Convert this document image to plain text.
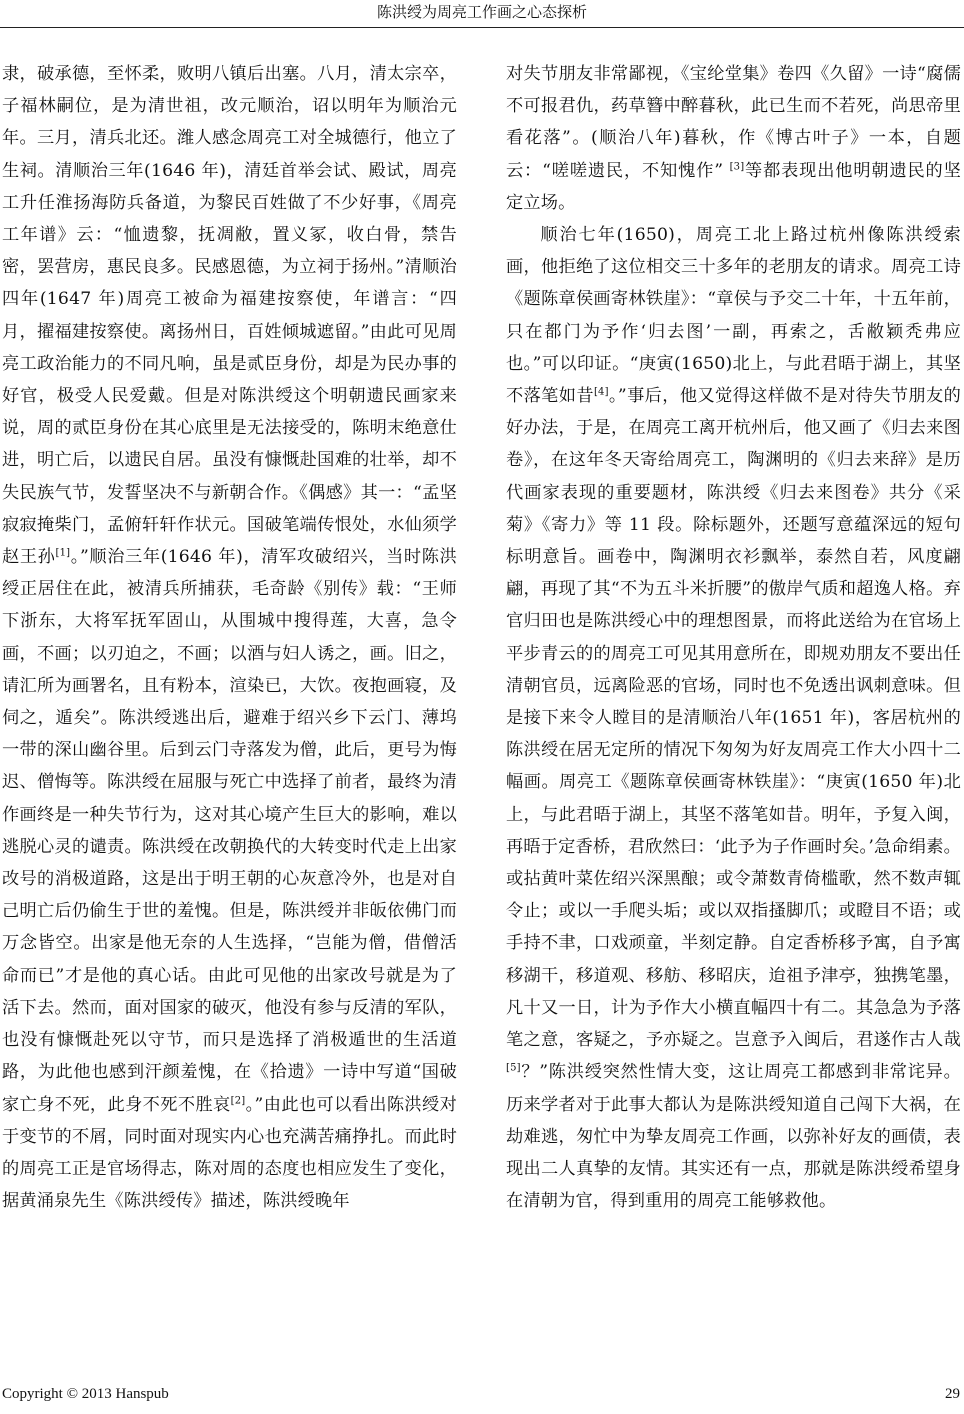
陈洪绶为周亮工作画之心态探析

隶，破承德，至怀柔，败明八镇后出塞。八月，清太宗卒，子福林嗣位，是为清世祖，改元顺治，诏以明年为顺治元年。三月，清兵北还。潍人感念周亮工对全城德行，他立了生祠。清顺治三年(1646 年)，清廷首举会试、殿试，周亮工升任淮扬海防兵备道，为黎民百姓做了不少好事，《周亮工年谱》云：“恤遗黎，抚凋敝，置义冢，收白骨，禁告密，罢营房，惠民良多。民感恩德，为立祠于扬州。”清顺治四年(1647 年)周亮工被命为福建按察使，年谱言：“四月，擢福建按察使。离扬州日，百姓倾城遮留。”由此可见周亮工政治能力的不同凡响，虽是贰臣身份，却是为民办事的好官，极受人民爱戴。但是对陈洪绶这个明朝遗民画家来说，周的贰臣身份在其心底里是无法接受的，陈明末绝意仕进，明亡后，以遗民自居。虽没有慷慨赴国难的壮举，却不失民族气节，发誓坚决不与新朝合作。《偶感》其一：“孟坚寂寂掩柴门，孟俯轩轩作状元。国破笔端传恨处，水仙须学赵王孙[1]。”顺治三年(1646 年)，清军攻破绍兴，当时陈洪绶正居住在此，被清兵所捕获，毛奇龄《别传》载：“王师下浙东，大将军抚军固山，从围城中搜得莲，大喜，急令画，不画；以刃迫之，不画；以酒与妇人诱之，画。旧之，请汇所为画署名，且有粉本，渲染已，大饮。夜抱画寝，及伺之，遁矣”。陈洪绶逃出后，避难于绍兴乡下云门、薄坞一带的深山幽谷里。后到云门寺落发为僧，此后，更号为悔迟、僧悔等。陈洪绶在屈服与死亡中选择了前者，最终为清作画终是一种失节行为，这对其心境产生巨大的影响，难以逃脱心灵的谴责。陈洪绶在改朝换代的大转变时代走上出家改号的消极道路，这是出于明王朝的心灰意冷外，也是对自己明亡后仍偷生于世的羞愧。但是，陈洪绶并非皈依佛门而万念皆空。出家是他无奈的人生选择，“岂能为僧，借僧活命而已”才是他的真心话。由此可见他的出家改号就是为了活下去。然而，面对国家的破灭，他没有参与反清的军队，也没有慷慨赴死以守节，而只是选择了消极遁世的生活道路，为此他也感到汗颜羞愧，在《拾遗》一诗中写道“国破家亡身不死，此身不死不胜哀[2]。”由此也可以看出陈洪绶对于变节的不屑，同时面对现实内心也充满苦痛挣扎。而此时的周亮工正是官场得志，陈对周的态度也相应发生了变化，据黄涌泉先生《陈洪绶传》描述，陈洪绶晚年

对失节朋友非常鄙视，《宝纶堂集》卷四《久留》一诗“腐儒不可报君仇，药草簪中醉暮秋，此已生而不若死，尚思帝里看花落”。(顺治八年)暮秋，作《博古叶子》一本，自题云：“嗟嗟遗民，不知愧作” [3]等都表现出他明朝遗民的坚定立场。

顺治七年(1650)，周亮工北上路过杭州像陈洪绶索画，他拒绝了这位相交三十多年的老朋友的请求。周亮工诗《题陈章侯画寄林铁崖》：“章侯与予交二十年，十五年前，只在都门为予作‘归去图’一副，再索之，舌敝颖秃弗应也。”可以印证。“庚寅(1650)北上，与此君晤于湖上，其坚不落笔如昔[4]。”事后，他又觉得这样做不是对待失节朋友的好办法，于是，在周亮工离开杭州后，他又画了《归去来图卷》，在这年冬天寄给周亮工，陶渊明的《归去来辞》是历代画家表现的重要题材，陈洪绶《归去来图卷》共分《采菊》《寄力》等 11 段。除标题外，还题写意蕴深远的短句标明意旨。画卷中，陶渊明衣衫飘举，泰然自若，风度翩翩，再现了其“不为五斗米折腰”的傲岸气质和超逸人格。弃官归田也是陈洪绶心中的理想图景，而将此送给为在官场上平步青云的的周亮工可见其用意所在，即规劝朋友不要出任清朝官员，远离险恶的官场，同时也不免透出讽刺意味。但是接下来令人瞠目的是清顺治八年(1651 年)，客居杭州的陈洪绶在居无定所的情况下匆匆为好友周亮工作大小四十二幅画。周亮工《题陈章侯画寄林铁崖》：“庚寅(1650 年)北上，与此君晤于湖上，其坚不落笔如昔。明年，予复入闽，再晤于定香桥，君欣然曰：‘此予为子作画时矣。’急命绢素。或拈黄叶菜佐绍兴深黑酿；或令萧数青倚槛歌，然不数声辄令止；或以一手爬头垢；或以双指搔脚爪；或瞪目不语；或手持不聿，口戏顽童，半刻定静。自定香桥移予寓，自予寓移湖干，移道观、移舫、移昭庆，迨祖予津亭，独携笔墨，凡十又一日，计为予作大小横直幅四十有二。其急急为予落笔之意，客疑之，予亦疑之。岂意予入闽后，君遂作古人哉[5]？”陈洪绶突然性情大变，这让周亮工都感到非常诧异。历来学者对于此事大都认为是陈洪绶知道自己闯下大祸，在劫难逃，匆忙中为挚友周亮工作画，以弥补好友的画债，表现出二人真挚的友情。其实还有一点，那就是陈洪绶希望身在清朝为官，得到重用的周亮工能够救他。

Copyright © 2013 Hanspub	29
